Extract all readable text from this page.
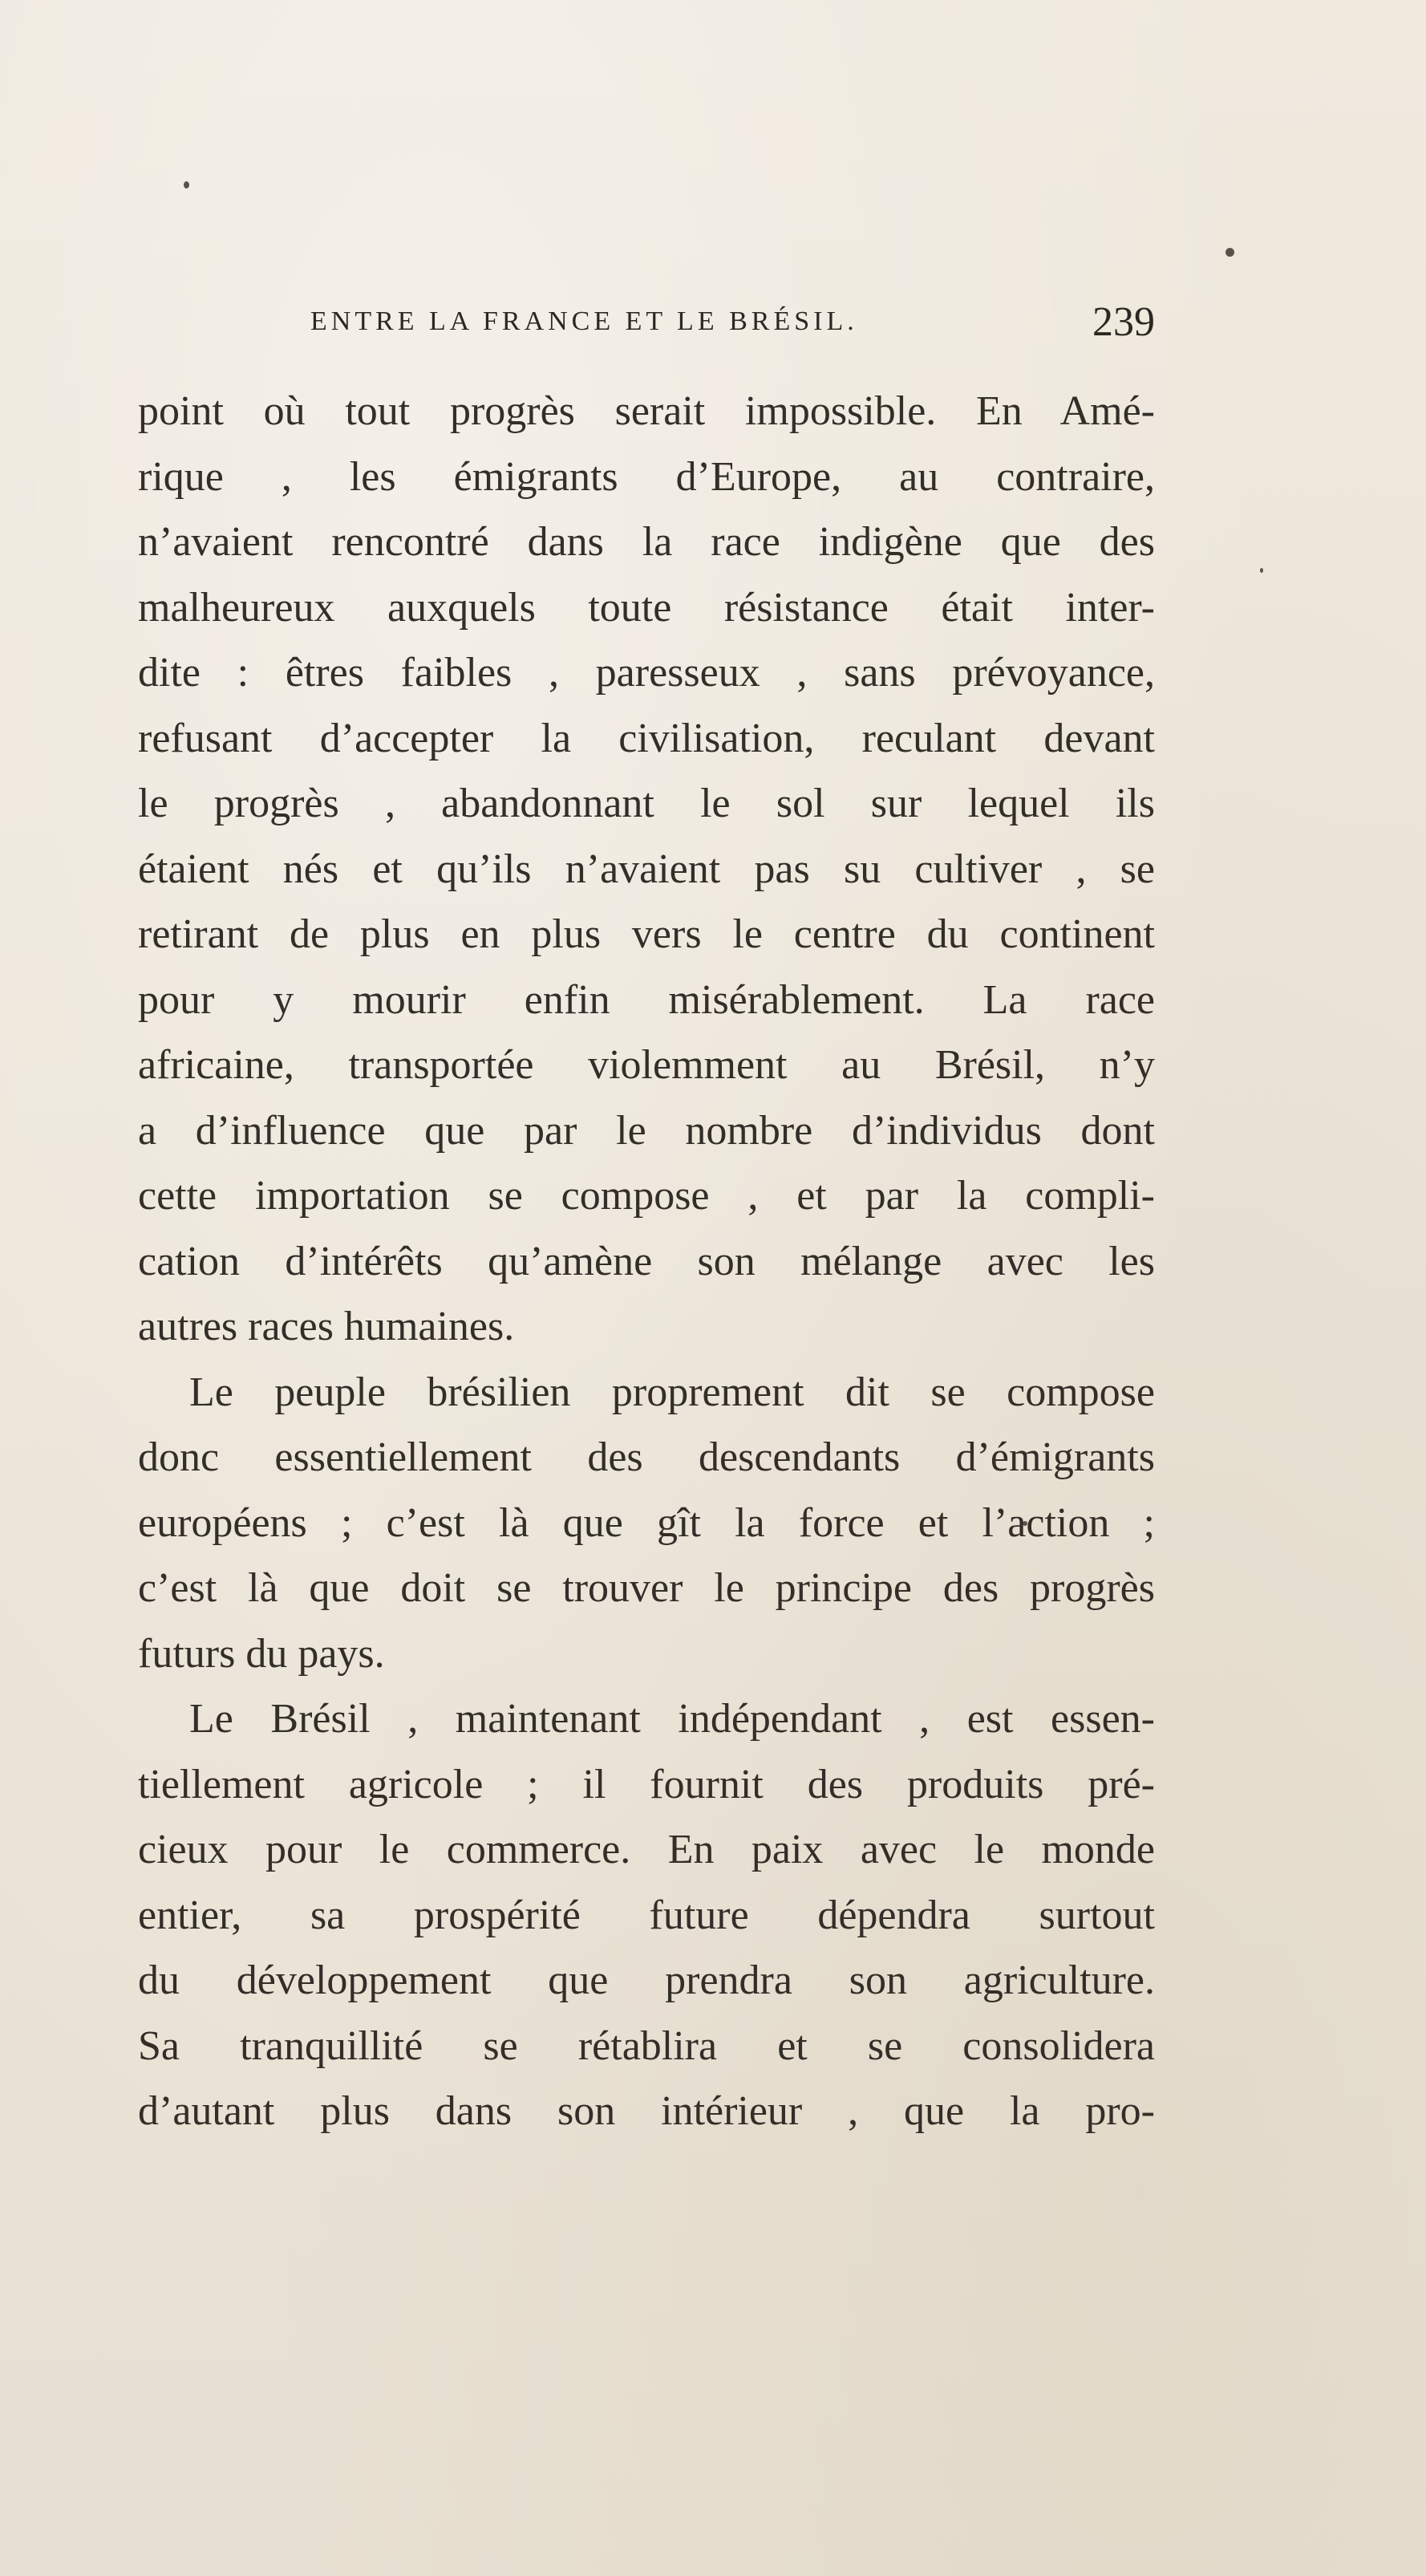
ENTRE LA FRANCE ET LE BRÉSIL.	239
point où tout progrès serait impossible. En Amé-
rique , les émigrants d’Europe, au contraire,
n’avaient rencontré dans la race indigène que des
malheureux auxquels toute résistance était inter-
dite : êtres faibles , paresseux , sans prévoyance,
refusant d’accepter la civilisation, reculant devant
le progrès , abandonnant le sol sur lequel ils
étaient nés et qu’ils n’avaient pas su cultiver , se
retirant de plus en plus vers le centre du continent
pour y mourir enfin misérablement. La race
africaine, transportée violemment au Brésil, n’y
a d’influence que par le nombre d’individus dont
cette importation se compose , et par la compli-
cation d’intérêts qu’amène son mélange avec les
autres races humaines.
Le peuple brésilien proprement dit se compose
donc essentiellement des descendants d’émigrants
européens ; c’est là que gît la force et l’action ;
c’est là que doit se trouver le principe des progrès
futurs du pays.
Le Brésil , maintenant indépendant , est essen-
tiellement agricole ; il fournit des produits pré-
cieux pour le commerce. En paix avec le monde
entier, sa prospérité future dépendra surtout
du développement que prendra son agriculture.
Sa tranquillité se rétablira et se consolidera
d’autant plus dans son intérieur , que la pro-
